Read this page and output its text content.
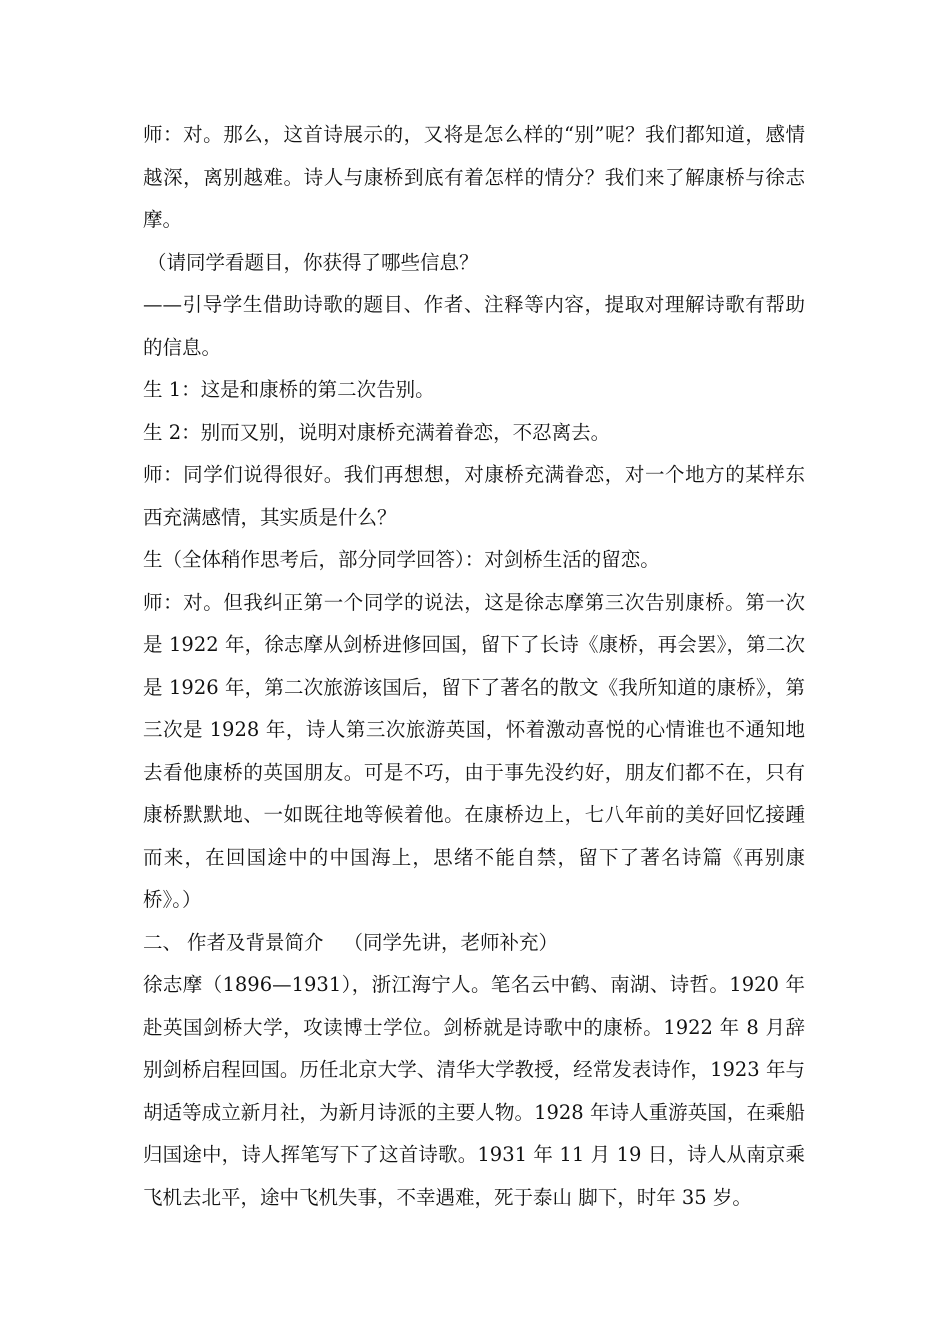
师：对。那么，这首诗展示的，又将是怎么样的“别”呢？我们都知道，感情越深，离别越难。诗人与康桥到底有着怎样的情分？我们来了解康桥与徐志摩。

（请同学看题目，你获得了哪些信息？

——引导学生借助诗歌的题目、作者、注释等内容，提取对理解诗歌有帮助的信息。

生 1：这是和康桥的第二次告别。

生 2：别而又别，说明对康桥充满着眷恋，不忍离去。

师：同学们说得很好。我们再想想，对康桥充满眷恋，对一个地方的某样东西充满感情，其实质是什么？

生（全体稍作思考后，部分同学回答）：对剑桥生活的留恋。

师：对。但我纠正第一个同学的说法，这是徐志摩第三次告别康桥。第一次是 1922 年，徐志摩从剑桥进修回国，留下了长诗《康桥，再会罢》，第二次是 1926 年，第二次旅游该国后，留下了著名的散文《我所知道的康桥》，第三次是 1928 年，诗人第三次旅游英国，怀着激动喜悦的心情谁也不通知地去看他康桥的英国朋友。可是不巧，由于事先没约好，朋友们都不在，只有康桥默默地、一如既往地等候着他。在康桥边上，七八年前的美好回忆接踵而来，在回国途中的中国海上，思绪不能自禁，留下了著名诗篇《再别康桥》。）

二、 作者及背景简介 （同学先讲，老师补充）

徐志摩（1896—1931），浙江海宁人。笔名云中鹤、南湖、诗哲。1920 年赴英国剑桥大学，攻读博士学位。剑桥就是诗歌中的康桥。1922 年 8 月辞别剑桥启程回国。历任北京大学、清华大学教授，经常发表诗作，1923 年与胡适等成立新月社，为新月诗派的主要人物。1928 年诗人重游英国，在乘船归国途中，诗人挥笔写下了这首诗歌。1931 年 11 月 19 日，诗人从南京乘飞机去北平，途中飞机失事，不幸遇难，死于泰山 脚下，时年 35 岁。
